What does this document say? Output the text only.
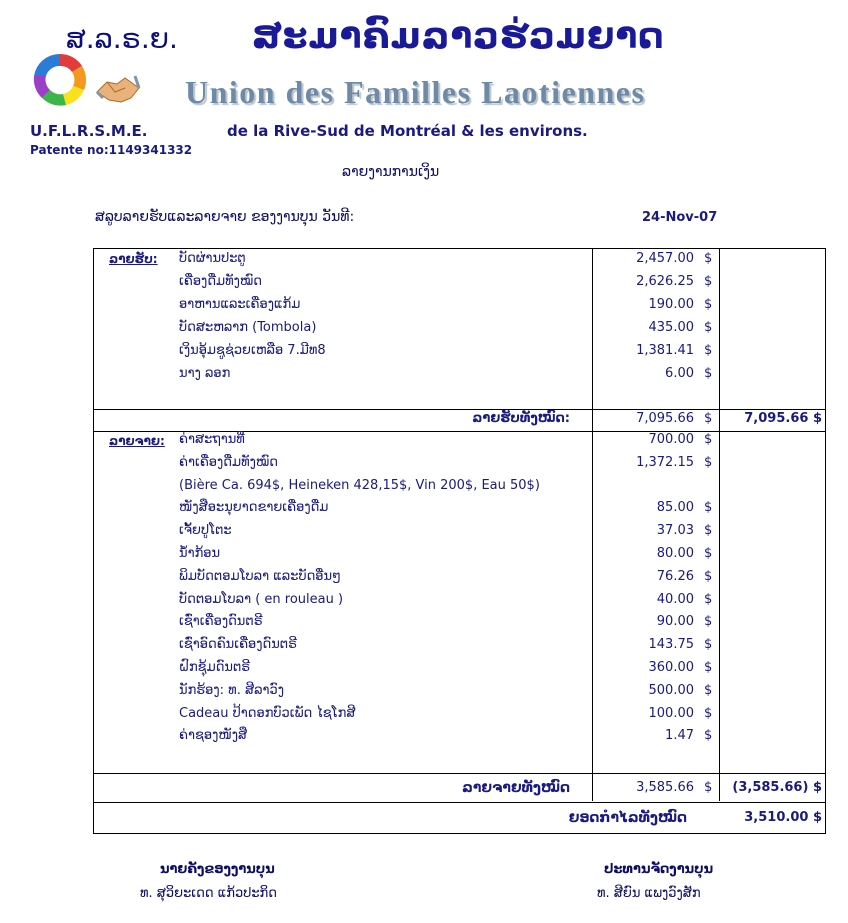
ສ.ລ.ຣ.ຍ. ສະມາຄົມລາວຮ່ວມຍາດ
Union des Familles Laotiennes
U.F.L.R.S.M.E.	de la Rive-Sud de Montréal & les environs.
Patente no:1149341332
ລາຍງານການເງິນ
ສລູບລາຍຮັບແລະລາຍຈາຍ ຂອງງານບຸນ ວັນທີ:	24-Nov-07
ລາຍຮັບ: ບັດຜ່ານປະຕູ	2,457.00 $
ເຄື່ອງດື່ມທັງໝົດ	2,626.25 $
ອາຫານແລະເຄື່ອງແກ້ມ	190.00 $
ບັດສະຫລາກ (Tombola)	435.00 $
ເງິນອຸ້ມຊູຊ່ວຍເຫລືອ 7.ມີທ8	1,381.41 $
ນາງ ລອກ	6.00 $
ລາຍຮັບທັງໝົດ:	7,095.66 $	7,095.66 $
ລາຍຈາຍ: ຄ່າສະຖານທີ່	700.00 $
ຄ່າເຄື່ອງດື່ມທັງໝົດ	1,372.15 $
(Bière Ca. 694$, Heineken 428,15$, Vin 200$, Eau 50$)
ໜັງສືອະນຸຍາດຂາຍເຄື່ອງດື່ມ	85.00 $
ເຈັ້ຍປູໂຕະ	37.03 $
ນ້ຳກ້ອນ	80.00 $
ພິມບັດຕອມໂບລາ ແລະບັດອື່ນໆ	76.26 $
ບັດຕອມໂບລາ ( en rouleau )	40.00 $
ເຊົ່າເຄື່ອງດົນຕຣີ	90.00 $
ເຊົ່າອົດຄົນເຄື່ອງດົນຕຣີ	143.75 $
ຝົກຊຸ້ມດົນຕຣີ	360.00 $
ນັກຮ້ອງ: ທ. ສີລາວົງ	500.00 $
Cadeau ປ້າດອກບົວເພັດ ໄຊໂກສີ	100.00 $
ຄ່າຊອງໜັງສື	1.47 $
ລາຍຈາຍທັງໝົດ	3,585.66 $	(3,585.66) $
ຍອດກຳໄລທັງໝົດ	3,510.00 $
ນາຍຄັງຂອງງານບຸນ
ທ. ສຸວິຍະເດດ ແກ້ວປະກິດ
ປະທານຈັດງານບຸນ
ທ. ສີຍົນ ແພງວົງສັກ
